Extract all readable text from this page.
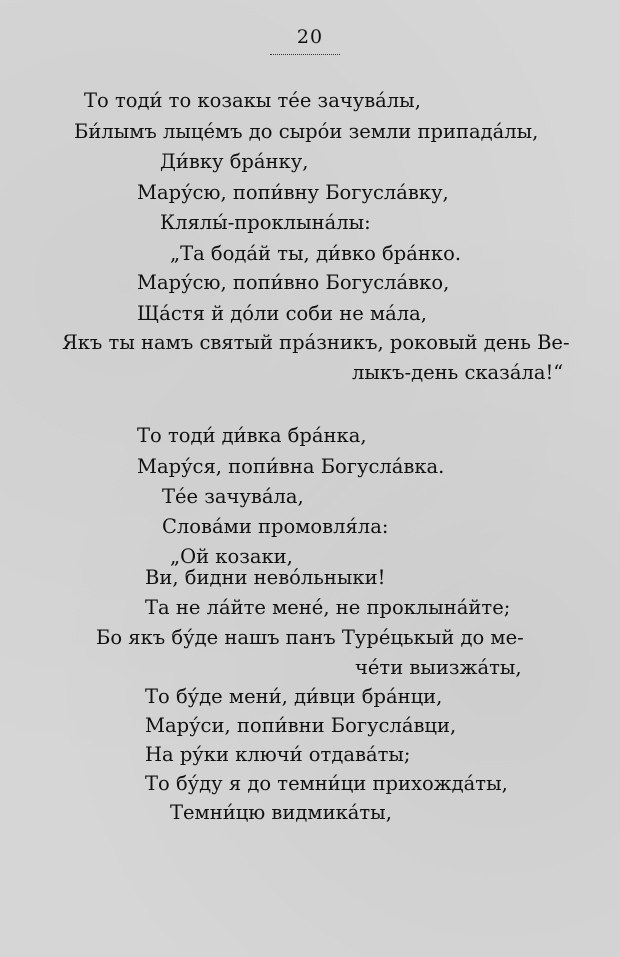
20
То тоди́ то козакы тée зачува́лы,
Би́лымъ лыцéмъ до сырóи земли припада́лы,
Ди́вку бра́нку,
Мару́сю, попи́вну Богусла́вку,
Клялы́-проклына́лы:
„Та бода́й ты, ди́вко бра́нко.
Мару́сю, попи́вно Богусла́вко,
Щáстя й дóли соби не мáла,
Якъ ты намъ святый прáзникъ, роковый день Ве-
лыкъ-день сказáла!“
То тоди́ ди́вка бра́нка,
Мару́ся, попи́вна Богусла́вка.
Тée зачува́ла,
Слова́ми промовля́ла:
„Ой козаки,
Ви, бидни невóльныки!
Та не ла́йте менé, не проклына́йте;
Бо якъ бу́де нашъ панъ Турéцькый до ме-
чéти выизжáты,
То бу́де мени́, ди́вци бра́нци,
Мару́си, попи́вни Богусла́вци,
На ру́ки ключи́ отдава́ты;
То бу́ду я до темни́ци прихожда́ты,
Темни́цю видмика́ты,
